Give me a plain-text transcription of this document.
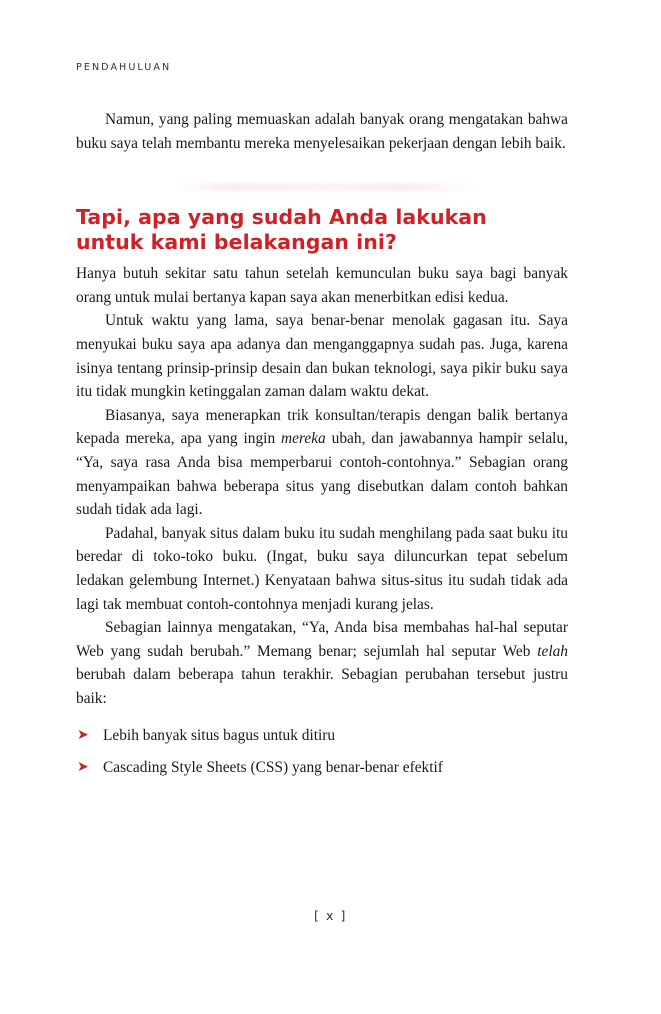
PENDAHULUAN

Namun, yang paling memuaskan adalah banyak orang mengatakan bahwa buku saya telah membantu mereka menyelesaikan pekerjaan dengan lebih baik.

Tapi, apa yang sudah Anda lakukan
untuk kami belakangan ini?

Hanya butuh sekitar satu tahun setelah kemunculan buku saya bagi banyak orang untuk mulai bertanya kapan saya akan menerbitkan edisi kedua.

Untuk waktu yang lama, saya benar-benar menolak gagasan itu. Saya menyukai buku saya apa adanya dan menganggapnya sudah pas. Juga, karena isinya tentang prinsip-prinsip desain dan bukan teknologi, saya pikir buku saya itu tidak mungkin ketinggalan zaman dalam waktu dekat.

Biasanya, saya menerapkan trik konsultan/terapis dengan balik bertanya kepada mereka, apa yang ingin mereka ubah, dan jawabannya hampir selalu, “Ya, saya rasa Anda bisa memperbarui contoh-contohnya.” Sebagian orang menyampaikan bahwa beberapa situs yang disebutkan dalam contoh bahkan sudah tidak ada lagi.

Padahal, banyak situs dalam buku itu sudah menghilang pada saat buku itu beredar di toko-toko buku. (Ingat, buku saya diluncurkan tepat sebelum ledakan gelembung Internet.) Kenyataan bahwa situs-situs itu sudah tidak ada lagi tak membuat contoh-contohnya menjadi kurang jelas.

Sebagian lainnya mengatakan, “Ya, Anda bisa membahas hal-hal seputar Web yang sudah berubah.” Memang benar; sejumlah hal seputar Web telah berubah dalam beberapa tahun terakhir. Sebagian perubahan tersebut justru baik:

➤ Lebih banyak situs bagus untuk ditiru
➤ Cascading Style Sheets (CSS) yang benar-benar efektif
[ x ]
